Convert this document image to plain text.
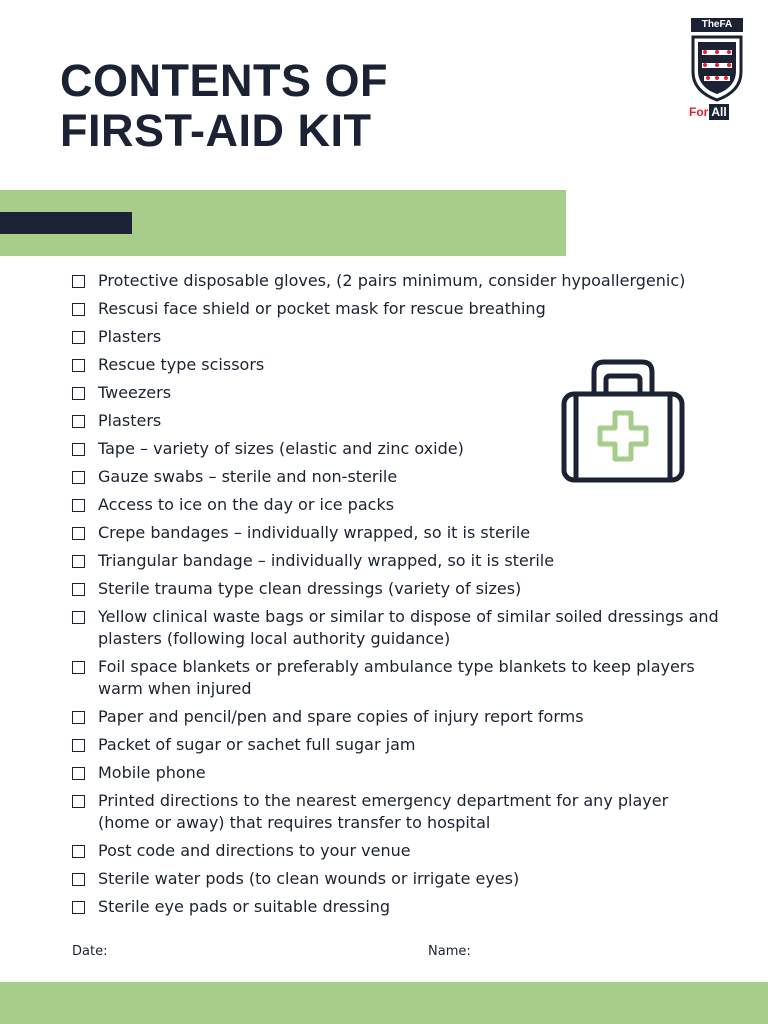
CONTENTS OF
FIRST-AID KIT
TheFA
For All
Protective disposable gloves, (2 pairs minimum, consider hypoallergenic)
Rescusi face shield or pocket mask for rescue breathing
Plasters
Rescue type scissors
Tweezers
Plasters
Tape – variety of sizes (elastic and zinc oxide)
Gauze swabs – sterile and non-sterile
Access to ice on the day or ice packs
Crepe bandages – individually wrapped, so it is sterile
Triangular bandage – individually wrapped, so it is sterile
Sterile trauma type clean dressings (variety of sizes)
Yellow clinical waste bags or similar to dispose of similar soiled dressings and plasters (following local authority guidance)
Foil space blankets or preferably ambulance type blankets to keep players warm when injured
Paper and pencil/pen and spare copies of injury report forms
Packet of sugar or sachet full sugar jam
Mobile phone
Printed directions to the nearest emergency department for any player (home or away) that requires transfer to hospital
Post code and directions to your venue
Sterile water pods (to clean wounds or irrigate eyes)
Sterile eye pads or suitable dressing
Date:	Name:
